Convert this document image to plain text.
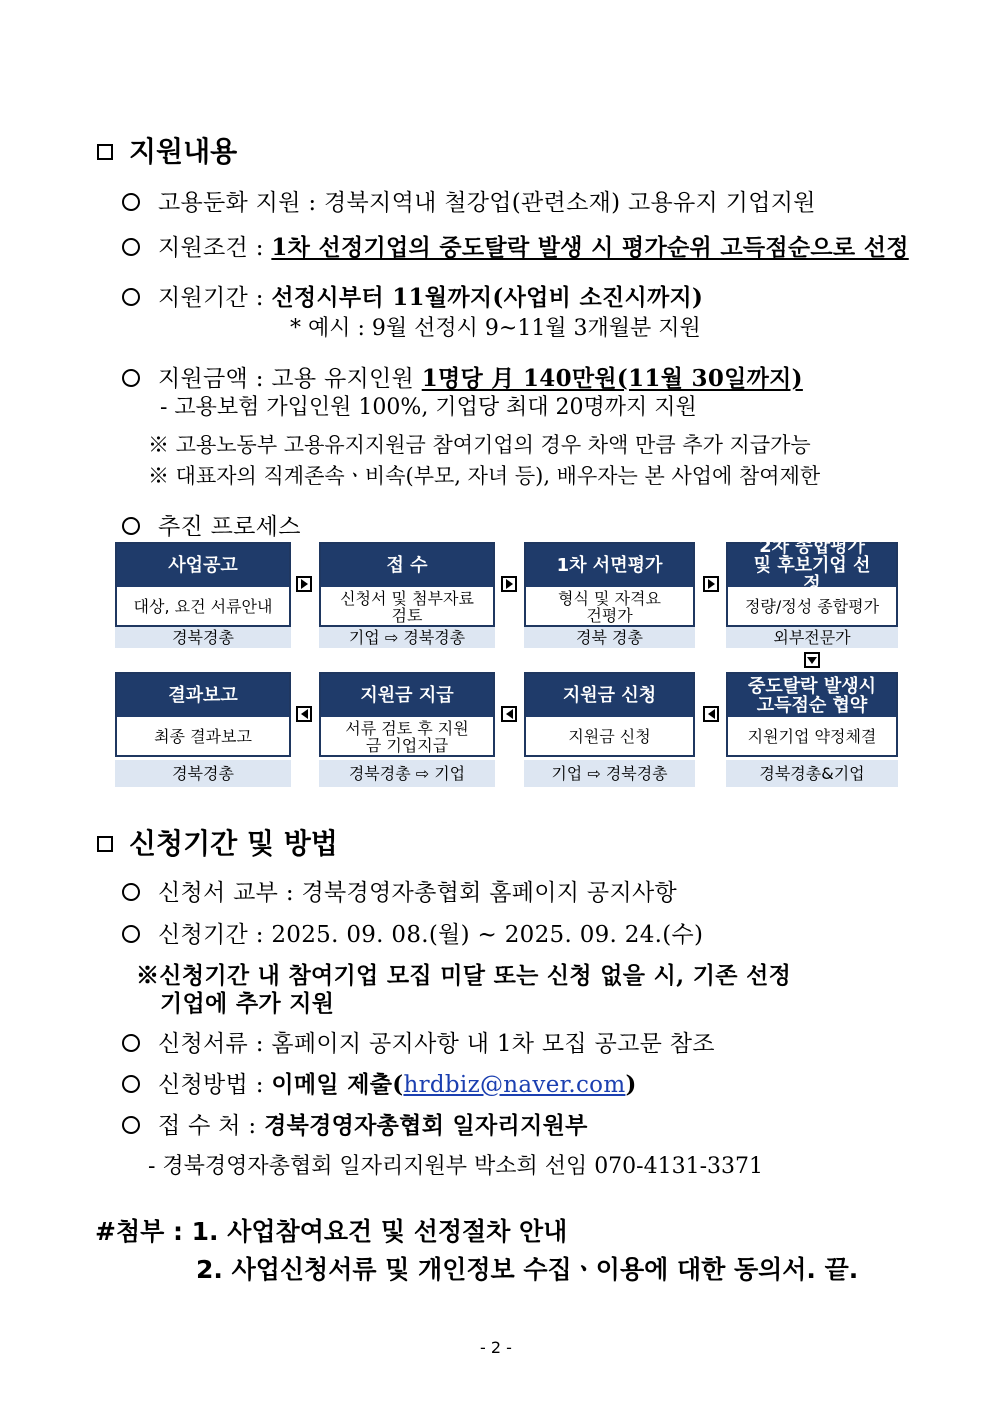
지원내용
고용둔화 지원 : 경북지역내 철강업(관련소재) 고용유지 기업지원
지원조건 : 1차 선정기업의 중도탈락 발생 시 평가순위 고득점순으로 선정
지원기간 : 선정시부터 11월까지(사업비 소진시까지)
* 예시 : 9월 선정시 9~11월 3개월분 지원
지원금액 : 고용 유지인원 1명당 月 140만원(11월 30일까지)
- 고용보험 가입인원 100%, 기업당 최대 20명까지 지원
※ 고용노동부 고용유지지원금 참여기업의 경우 차액 만큼 추가 지급가능
※ 대표자의 직계존속ㆍ비속(부모, 자녀 등), 배우자는 본 사업에 참여제한
추진 프로세스
사업공고
대상, 요건 서류안내
경북경총
접 수
신청서 및 첨부자료 검토
기업 ⇨ 경북경총
1차 서면평가
형식 및 자격요건평가
경북 경총
2차 종합평가 및 후보기업 선정
정량/정성 종합평가
외부전문가
결과보고
최종 결과보고
경북경총
지원금 지급
서류 검토 후 지원금 기업지급
경북경총 ⇨ 기업
지원금 신청
지원금 신청
기업 ⇨ 경북경총
중도탈락 발생시 고득점순 협약
지원기업 약정체결
경북경총&기업
신청기간 및 방법
신청서 교부 : 경북경영자총협회 홈페이지 공지사항
신청기간 : 2025. 09. 08.(월) ~ 2025. 09. 24.(수)
※신청기간 내 참여기업 모집 미달 또는 신청 없을 시, 기존 선정
기업에 추가 지원
신청서류 : 홈페이지 공지사항 내 1차 모집 공고문 참조
신청방법 : 이메일 제출(hrdbiz@naver.com)
접 수 처 : 경북경영자총협회 일자리지원부
- 경북경영자총협회 일자리지원부 박소희 선임 070-4131-3371
#첨부 : 1. 사업참여요건 및 선정절차 안내
2. 사업신청서류 및 개인정보 수집ㆍ이용에 대한 동의서. 끝.
- 2 -
